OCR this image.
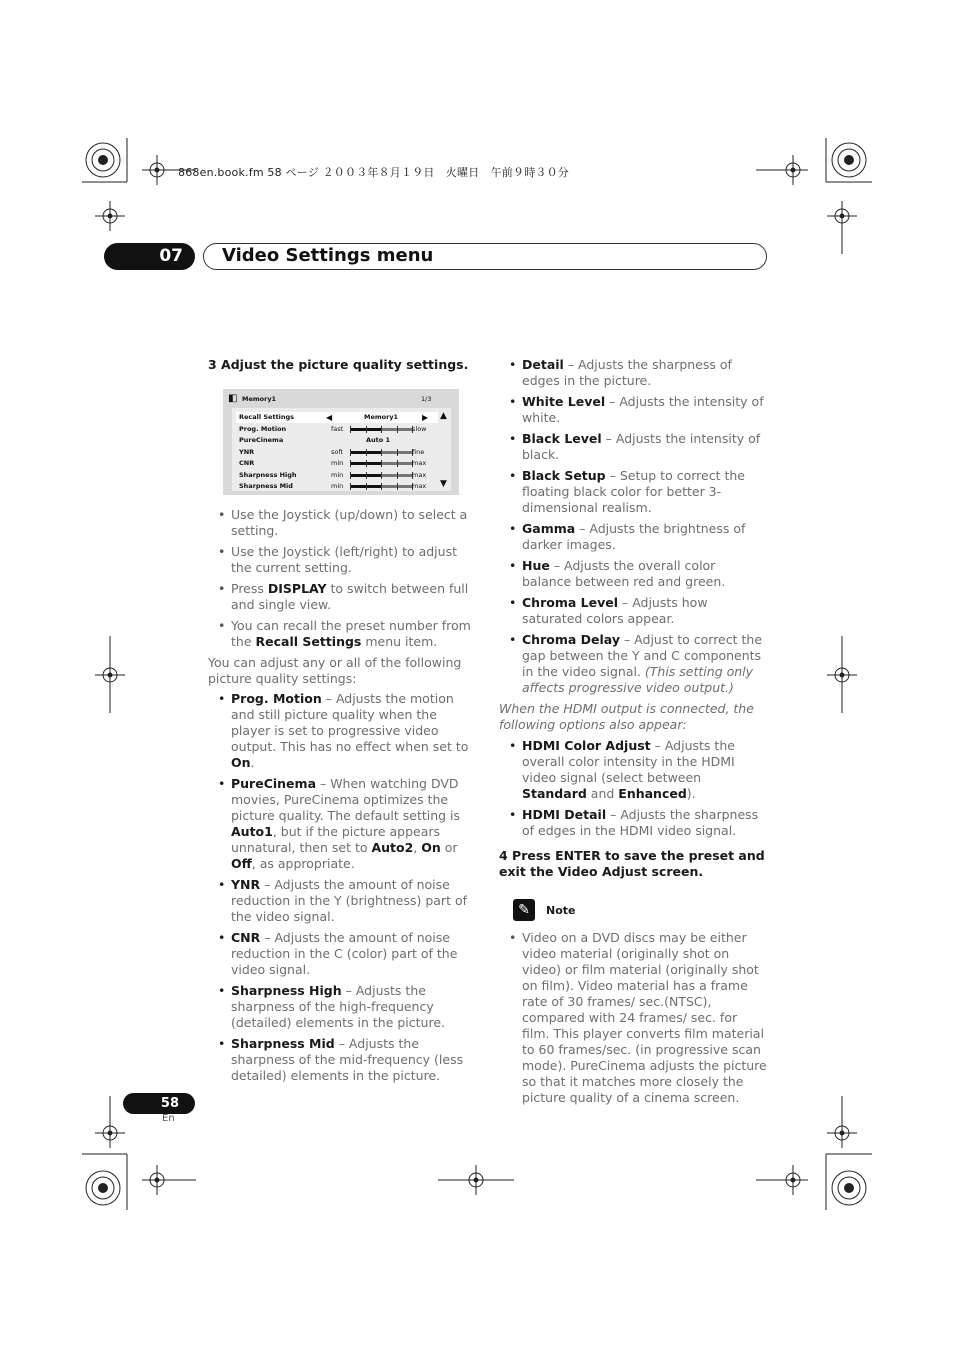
868en.book.fm 58 ページ ２００３年８月１９日　火曜日　午前９時３０分
07	Video Settings menu

3 Adjust the picture quality settings.

◧ Memory1	1/3
Recall Settings	◀	Memory1	▶ ▲
Prog. Motion	fast	slow
PureCinema	Auto 1
YNR	soft	fine
CNR	min	max
Sharpness High	min	max
Sharpness Mid	min	max ▼

• Use the Joystick (up/down) to select a setting.

• Use the Joystick (left/right) to adjust the current setting.

• Press DISPLAY to switch between full and single view.

• You can recall the preset number from the Recall Settings menu item.

You can adjust any or all of the following picture quality settings:

• Prog. Motion – Adjusts the motion and still picture quality when the player is set to progressive video output. This has no effect when set to On.

• PureCinema – When watching DVD movies, PureCinema optimizes the picture quality. The default setting is Auto1, but if the picture appears unnatural, then set to Auto2, On or Off, as appropriate.

• YNR – Adjusts the amount of noise reduction in the Y (brightness) part of the video signal.

• CNR – Adjusts the amount of noise reduction in the C (color) part of the video signal.

• Sharpness High – Adjusts the sharpness of the high-frequency (detailed) elements in the picture.

• Sharpness Mid – Adjusts the sharpness of the mid-frequency (less detailed) elements in the picture.

• Detail – Adjusts the sharpness of edges in the picture.

• White Level – Adjusts the intensity of white.

• Black Level – Adjusts the intensity of black.

• Black Setup – Setup to correct the floating black color for better 3-dimensional realism.

• Gamma – Adjusts the brightness of darker images.

• Hue – Adjusts the overall color balance between red and green.

• Chroma Level – Adjusts how saturated colors appear.

• Chroma Delay – Adjust to correct the gap between the Y and C components in the video signal. (This setting only affects progressive video output.)

When the HDMI output is connected, the following options also appear:

• HDMI Color Adjust – Adjusts the overall color intensity in the HDMI video signal (select between Standard and Enhanced).

• HDMI Detail – Adjusts the sharpness of edges in the HDMI video signal.

4 Press ENTER to save the preset and exit the Video Adjust screen.

✎	Note

• Video on a DVD discs may be either video material (originally shot on video) or film material (originally shot on film). Video material has a frame rate of 30 frames/ sec.(NTSC), compared with 24 frames/ sec. for film. This player converts film material to 60 frames/sec. (in progressive scan mode). PureCinema adjusts the picture so that it matches more closely the picture quality of a cinema screen.

58
En
